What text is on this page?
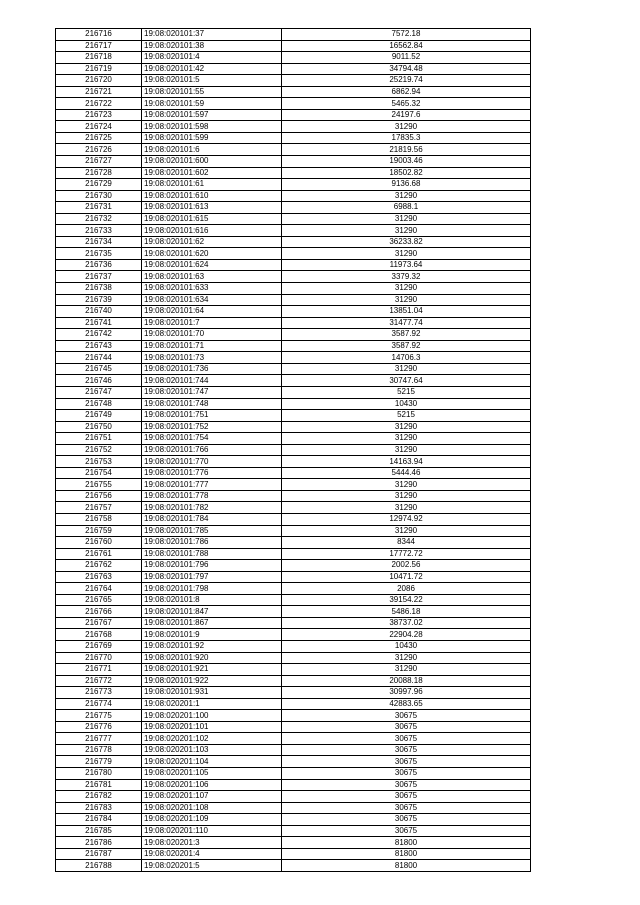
216716	19:08:020101:37	7572.18
216717	19:08:020101:38	16562.84
216718	19:08:020101:4	9011.52
216719	19:08:020101:42	34794.48
216720	19:08:020101:5	25219.74
216721	19:08:020101:55	6862.94
216722	19:08:020101:59	5465.32
216723	19:08:020101:597	24197.6
216724	19:08:020101:598	31290
216725	19:08:020101:599	17835.3
216726	19:08:020101:6	21819.56
216727	19:08:020101:600	19003.46
216728	19:08:020101:602	18502.82
216729	19:08:020101:61	9136.68
216730	19:08:020101:610	31290
216731	19:08:020101:613	6988.1
216732	19:08:020101:615	31290
216733	19:08:020101:616	31290
216734	19:08:020101:62	36233.82
216735	19:08:020101:620	31290
216736	19:08:020101:624	11973.64
216737	19:08:020101:63	3379.32
216738	19:08:020101:633	31290
216739	19:08:020101:634	31290
216740	19:08:020101:64	13851.04
216741	19:08:020101:7	31477.74
216742	19:08:020101:70	3587.92
216743	19:08:020101:71	3587.92
216744	19:08:020101:73	14706.3
216745	19:08:020101:736	31290
216746	19:08:020101:744	30747.64
216747	19:08:020101:747	5215
216748	19:08:020101:748	10430
216749	19:08:020101:751	5215
216750	19:08:020101:752	31290
216751	19:08:020101:754	31290
216752	19:08:020101:766	31290
216753	19:08:020101:770	14163.94
216754	19:08:020101:776	5444.46
216755	19:08:020101:777	31290
216756	19:08:020101:778	31290
216757	19:08:020101:782	31290
216758	19:08:020101:784	12974.92
216759	19:08:020101:785	31290
216760	19:08:020101:786	8344
216761	19:08:020101:788	17772.72
216762	19:08:020101:796	2002.56
216763	19:08:020101:797	10471.72
216764	19:08:020101:798	2086
216765	19:08:020101:8	39154.22
216766	19:08:020101:847	5486.18
216767	19:08:020101:867	38737.02
216768	19:08:020101:9	22904.28
216769	19:08:020101:92	10430
216770	19:08:020101:920	31290
216771	19:08:020101:921	31290
216772	19:08:020101:922	20088.18
216773	19:08:020101:931	30997.96
216774	19:08:020201:1	42883.65
216775	19:08:020201:100	30675
216776	19:08:020201:101	30675
216777	19:08:020201:102	30675
216778	19:08:020201:103	30675
216779	19:08:020201:104	30675
216780	19:08:020201:105	30675
216781	19:08:020201:106	30675
216782	19:08:020201:107	30675
216783	19:08:020201:108	30675
216784	19:08:020201:109	30675
216785	19:08:020201:110	30675
216786	19:08:020201:3	81800
216787	19:08:020201:4	81800
216788	19:08:020201:5	81800
